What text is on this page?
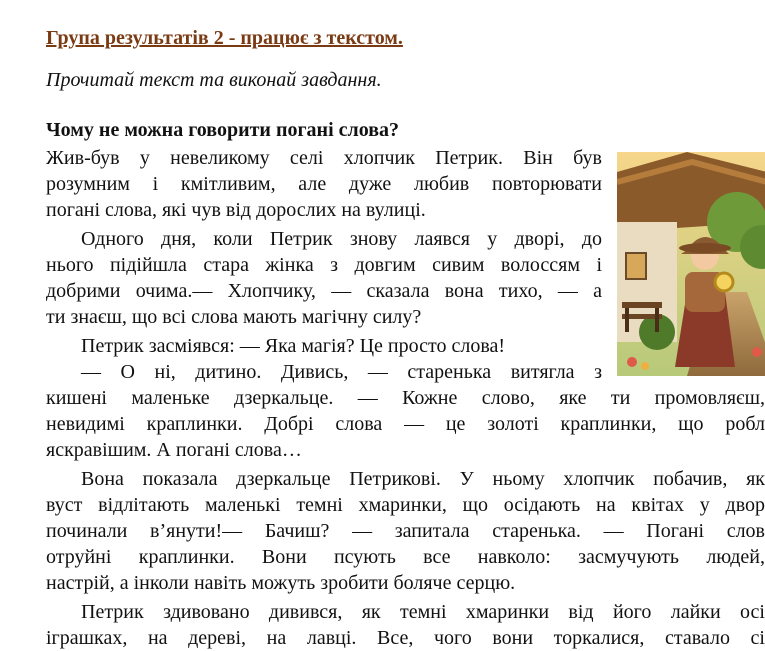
Група результатів 2 - працює з текстом.
Прочитай текст та виконай завдання.
Чому не можна говорити погані слова?
Жив-був у невеликому селі хлопчик Петрик. Він був
розумним і кмітливим, але дуже любив повторювати
погані слова, які чув від дорослих на вулиці.
Одного дня, коли Петрик знову лаявся у дворі, до
нього підійшла стара жінка з довгим сивим волоссям і
добрими очима.— Хлопчику, — сказала вона тихо, — а
ти знаєш, що всі слова мають магічну силу?
Петрик засміявся: — Яка магія? Це просто слова!
— О ні, дитино. Дивись, — старенька витягла з
кишені маленьке дзеркальце. — Кожне слово, яке ти промовляєш,
невидимі краплинки. Добрі слова — це золоті краплинки, що робл
яскравішим. А погані слова…
Вона показала дзеркальце Петрикові. У ньому хлопчик побачив, як
вуст відлітають маленькі темні хмаринки, що осідають на квітах у двор
починали в’янути!— Бачиш? — запитала старенька. — Погані слов
отруйні краплинки. Вони псують все навколо: засмучують людей,
настрій, а інколи навіть можуть зробити боляче серцю.
Петрик здивовано дивився, як темні хмаринки від його лайки осі
іграшках, на дереві, на лавці. Все, чого вони торкалися, ставало сі
